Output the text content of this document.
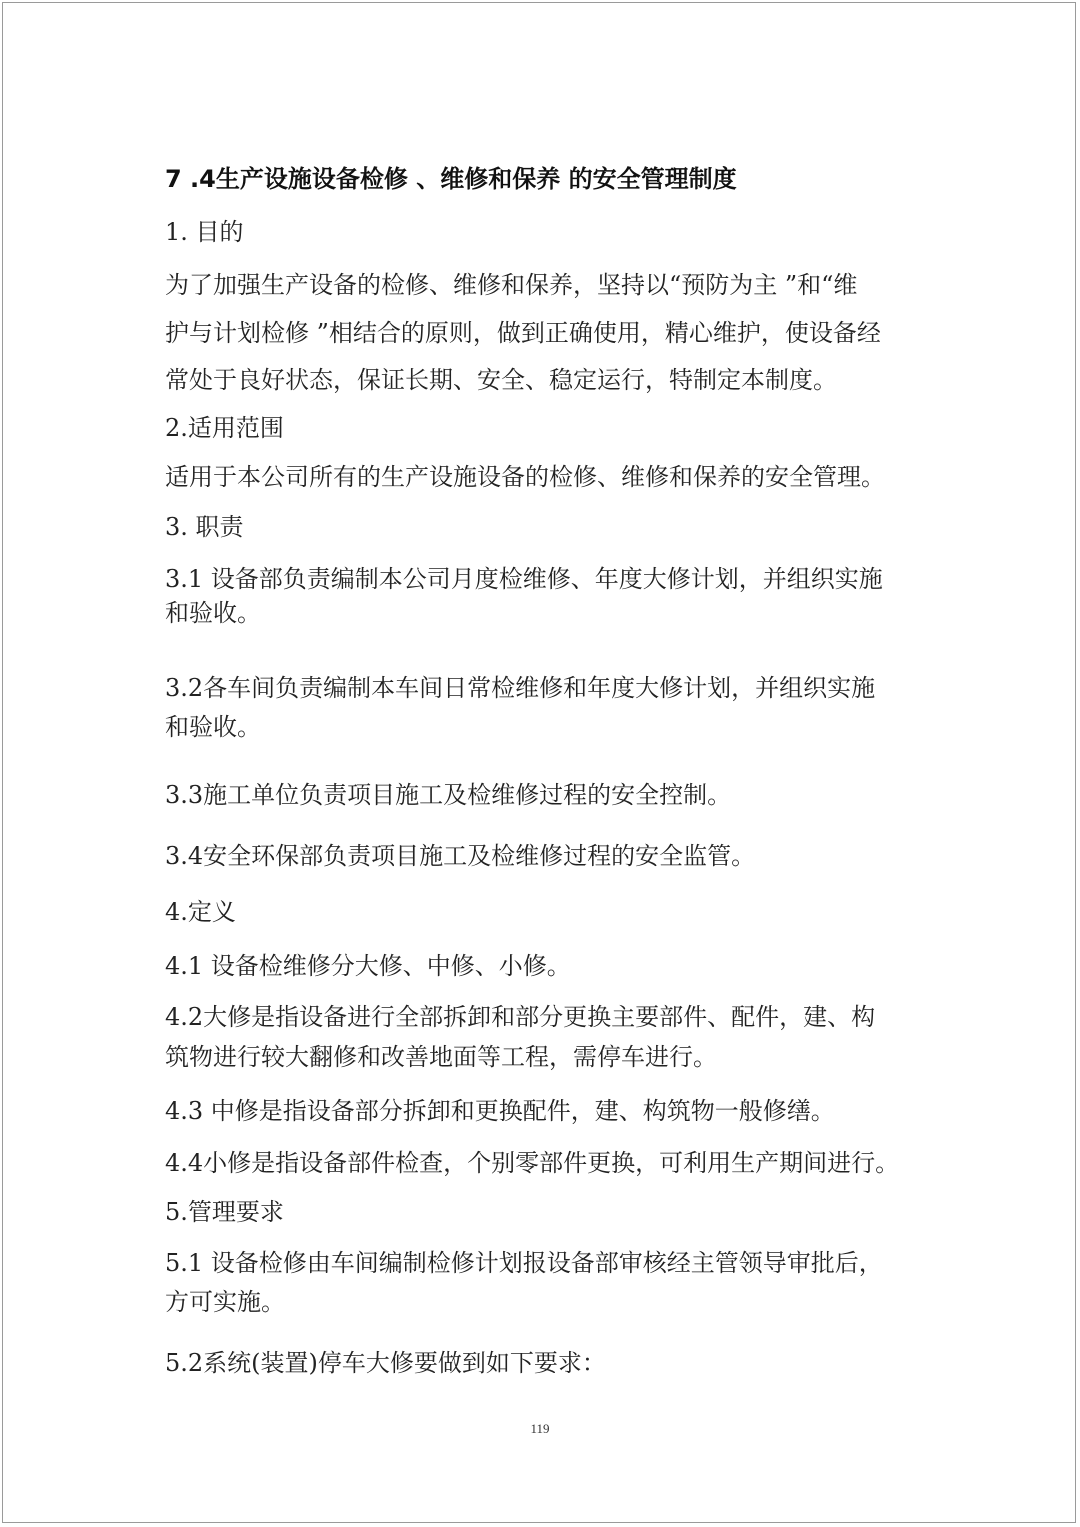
7 .4生产设施设备检修 、维修和保养 的安全管理制度

1. 目的

为了加强生产设备的检修、维修和保养，坚持以“预防为主 ”和“维

护与计划检修 ”相结合的原则，做到正确使用，精心维护，使设备经

常处于良好状态，保证长期、安全、稳定运行，特制定本制度。

2.适用范围

适用于本公司所有的生产设施设备的检修、维修和保养的安全管理。

3. 职责

3.1 设备部负责编制本公司月度检维修、年度大修计划，并组织实施

和验收。

3.2各车间负责编制本车间日常检维修和年度大修计划，并组织实施

和验收。

3.3施工单位负责项目施工及检维修过程的安全控制。

3.4安全环保部负责项目施工及检维修过程的安全监管。

4.定义

4.1 设备检维修分大修、中修、小修。

4.2大修是指设备进行全部拆卸和部分更换主要部件、配件，建、构

筑物进行较大翻修和改善地面等工程，需停车进行。

4.3 中修是指设备部分拆卸和更换配件，建、构筑物一般修缮。

4.4小修是指设备部件检查，个别零部件更换，可利用生产期间进行。

5.管理要求

5.1 设备检修由车间编制检修计划报设备部审核经主管领导审批后，

方可实施。

5.2系统(装置)停车大修要做到如下要求：

119
